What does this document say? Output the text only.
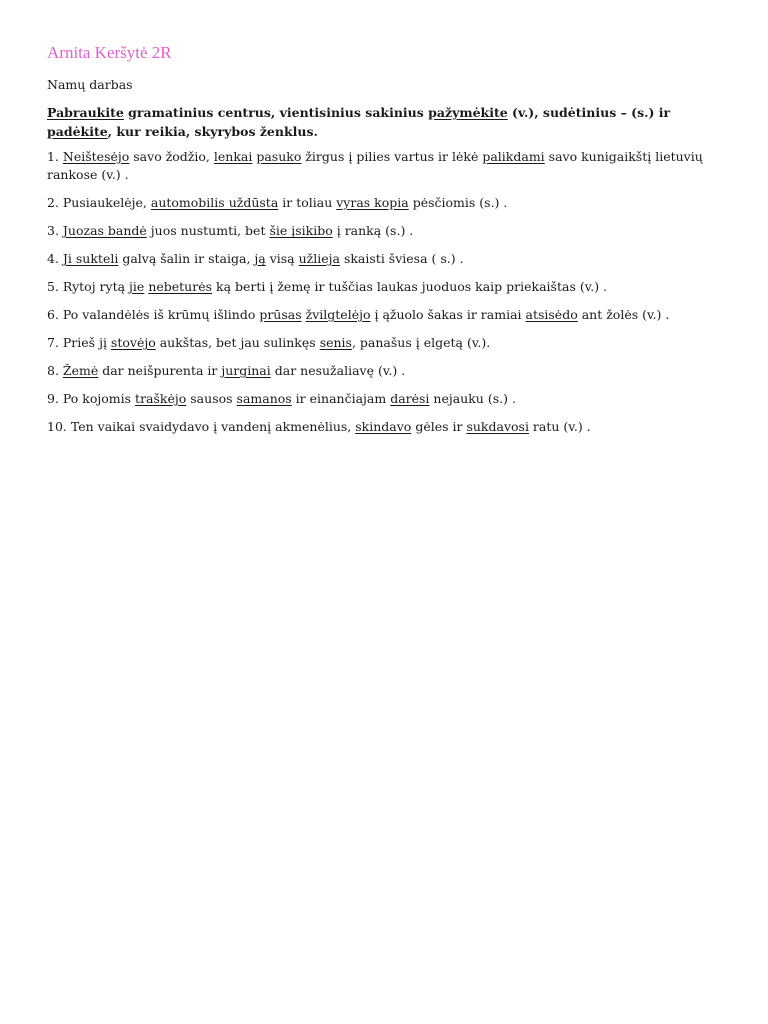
Arnita Keršytė 2R
Namų darbas
Pabraukite gramatinius centrus, vientisinius sakinius pažymėkite (v.), sudėtinius – (s.) ir padėkite, kur reikia, skyrybos ženklus.
1. Neištesėjo savo žodžio, lenkai pasuko žirgus į pilies vartus ir lėkė palikdami savo kunigaikštį lietuvių rankose (v.) .
2. Pusiaukelėje, automobilis uždūsta ir toliau vyras kopia pėsčiomis (s.) .
3. Juozas bandė juos nustumti, bet šie įsikibo į ranką (s.) .
4. Ji sukteli galvą šalin ir staiga, ją visą užlieja skaisti šviesa ( s.) .
5. Rytoj rytą jie nebeturės ką berti į žemę ir tuščias laukas juoduos kaip priekaištas (v.) .
6. Po valandėlės iš krūmų išlindo prūsas žvilgtelėjo į ąžuolo šakas ir ramiai atsisėdo ant žolės (v.) .
7. Prieš jį stovėjo aukštas, bet jau sulinkęs senis, panašus į elgetą (v.).
8. Žemė dar neišpurenta ir jurginai dar nesužaliavę (v.) .
9. Po kojomis traškėjo sausos samanos ir einančiajam darėsi nejauku (s.) .
10. Ten vaikai svaidydavo į vandenį akmenėlius, skindavo gėles ir sukdavosi ratu (v.) .
